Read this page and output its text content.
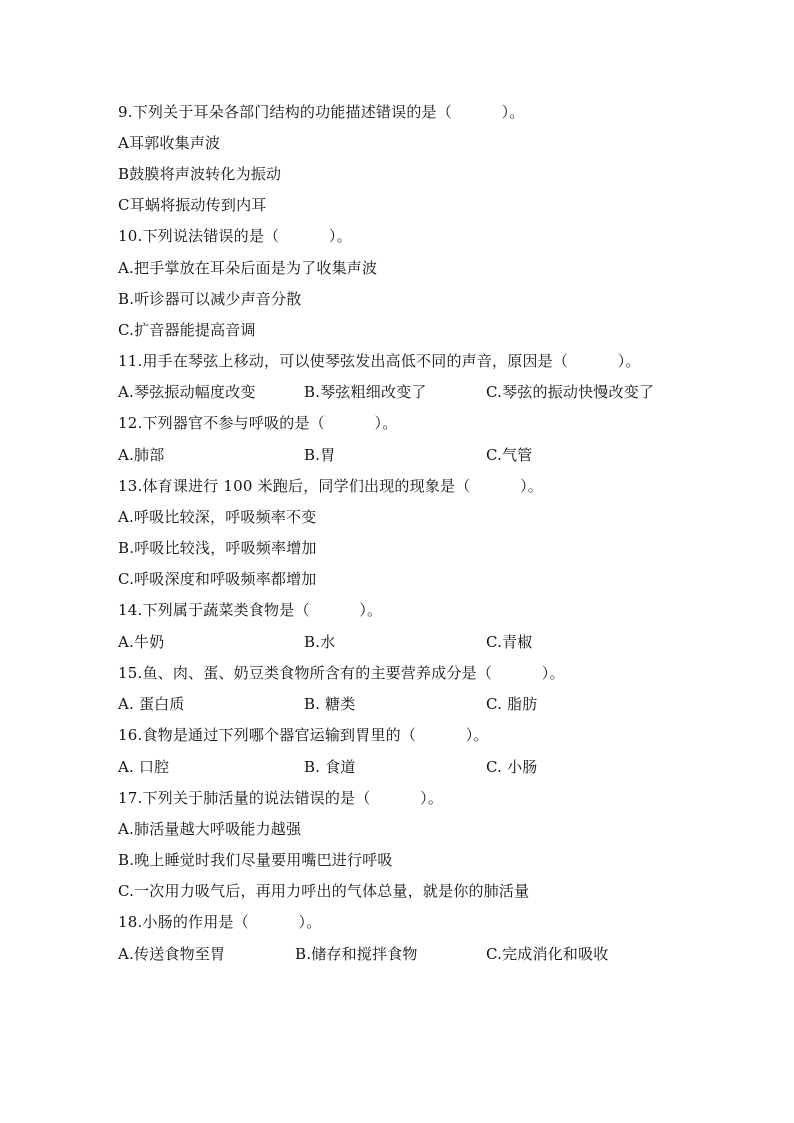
9.下列关于耳朵各部门结构的功能描述错误的是（          ）。
A耳郭收集声波
B鼓膜将声波转化为振动
C耳蜗将振动传到内耳
10.下列说法错误的是（          ）。
A.把手掌放在耳朵后面是为了收集声波
B.听诊器可以减少声音分散
C.扩音器能提高音调
11.用手在琴弦上移动，可以使琴弦发出高低不同的声音，原因是（          ）。
A.琴弦振动幅度改变	B.琴弦粗细改变了	C.琴弦的振动快慢改变了
12.下列器官不参与呼吸的是（          ）。
A.肺部	B.胃	C.气管
13.体育课进行 100 米跑后，同学们出现的现象是（          ）。
A.呼吸比较深，呼吸频率不变
B.呼吸比较浅，呼吸频率增加
C.呼吸深度和呼吸频率都增加
14.下列属于蔬菜类食物是（          ）。
A.牛奶	B.水	C.青椒
15.鱼、肉、蛋、奶豆类食物所含有的主要营养成分是（          ）。
A. 蛋白质	B. 糖类	C. 脂肪
16.食物是通过下列哪个器官运输到胃里的（          ）。
A. 口腔	B. 食道	C. 小肠
17.下列关于肺活量的说法错误的是（          ）。
A.肺活量越大呼吸能力越强
B.晚上睡觉时我们尽量要用嘴巴进行呼吸
C.一次用力吸气后，再用力呼出的气体总量，就是你的肺活量
18.小肠的作用是（          ）。
A.传送食物至胃	B.储存和搅拌食物	C.完成消化和吸收
